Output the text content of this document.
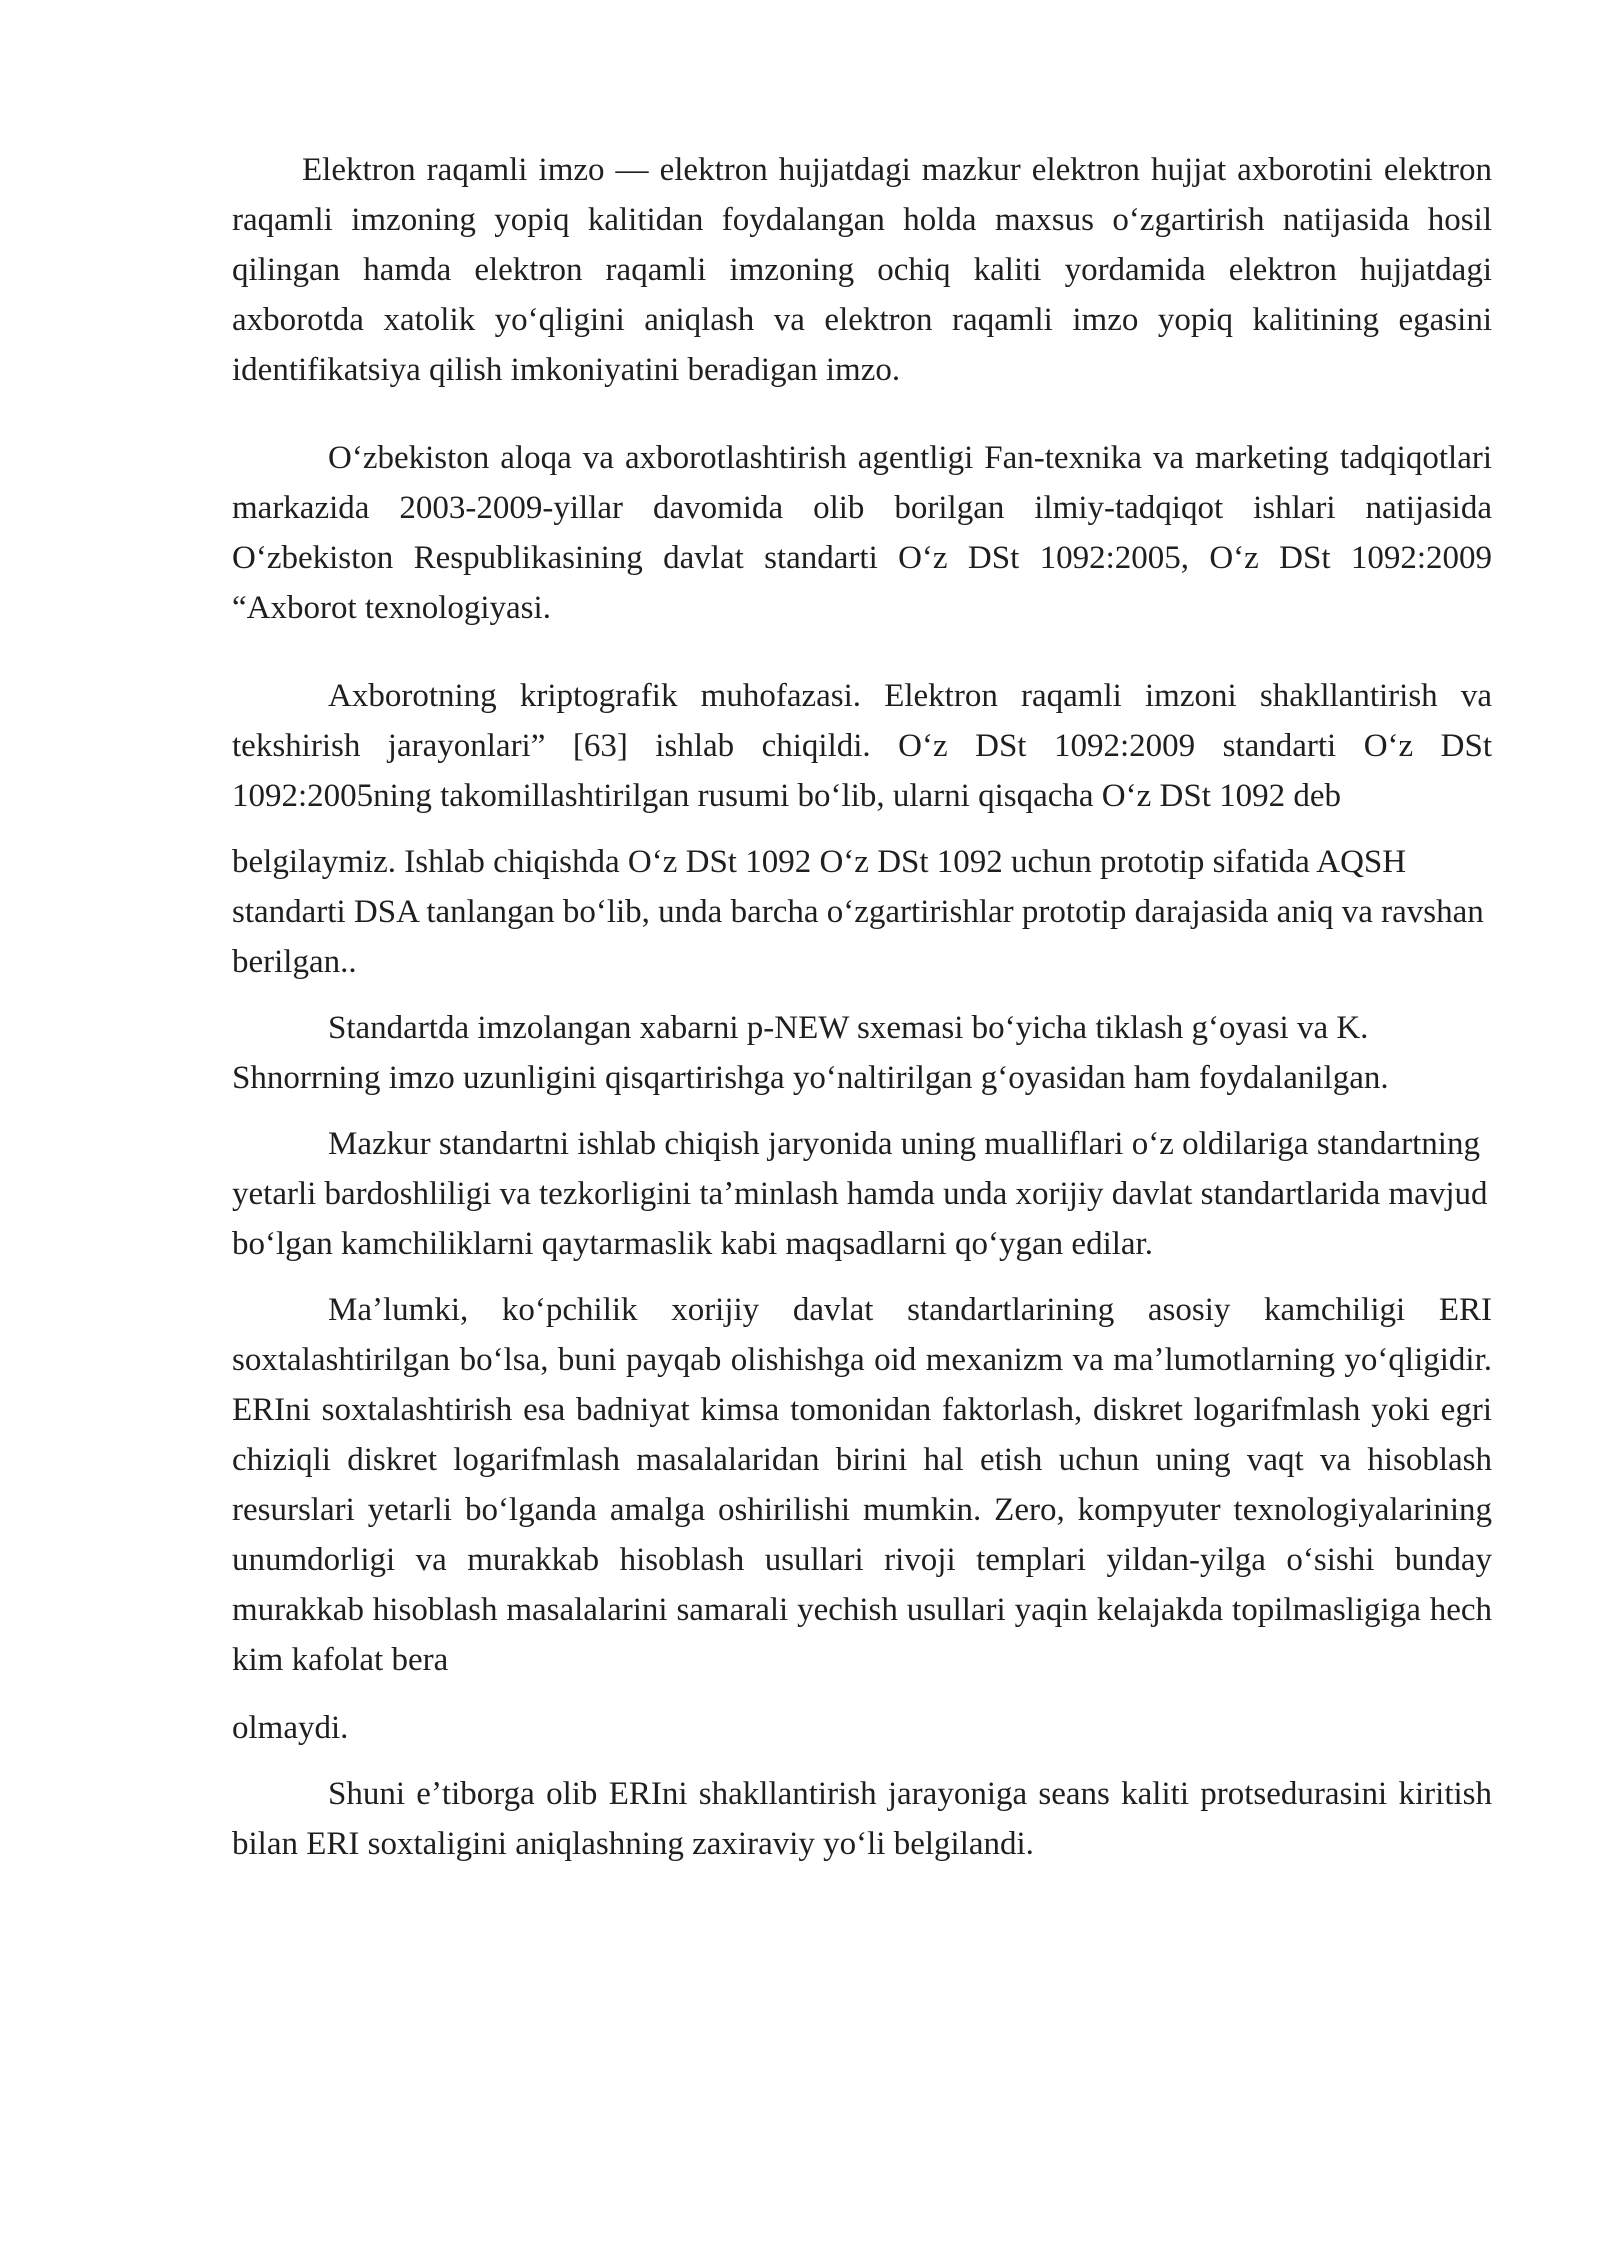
Elektron raqamli imzo — elektron hujjatdagi mazkur elektron hujjat axborotini elektron raqamli imzoning yopiq kalitidan foydalangan holda maxsus oʻzgartirish natijasida hosil qilingan hamda elektron raqamli imzoning ochiq kaliti yordamida elektron hujjatdagi axborotda xatolik yoʻqligini aniqlash va elektron raqamli imzo yopiq kalitining egasini identifikatsiya qilish imkoniyatini beradigan imzo.

Oʻzbekiston aloqa va axborotlashtirish agentligi Fan-texnika va marketing tadqiqotlari markazida 2003-2009-yillar davomida olib borilgan ilmiy-tadqiqot ishlari natijasida Oʻzbekiston Respublikasining davlat standarti Oʻz DSt 1092:2005, Oʻz DSt 1092:2009 “Axborot texnologiyasi.

Axborotning kriptografik muhofazasi. Elektron raqamli imzoni shakllantirish va tekshirish jarayonlari” [63] ishlab chiqildi. Oʻz DSt 1092:2009 standarti Oʻz DSt 1092:2005ning takomillashtirilgan rusumi boʻlib, ularni qisqacha Oʻz DSt 1092 deb

belgilaymiz. Ishlab chiqishda Oʻz DSt 1092 Oʻz DSt 1092 uchun prototip sifatida AQSH standarti DSA tanlangan boʻlib, unda barcha oʻzgartirishlar prototip darajasida aniq va ravshan berilgan..

Standartda imzolangan xabarni p-NEW sxemasi boʻyicha tiklash gʻoyasi va K. Shnorrning imzo uzunligini qisqartirishga yoʻnaltirilgan gʻoyasidan ham foydalanilgan.

Mazkur standartni ishlab chiqish jaryonida uning mualliflari oʻz oldilariga standartning yetarli bardoshliligi va tezkorligini taʼminlash hamda unda xorijiy davlat standartlarida mavjud boʻlgan kamchiliklarni qaytarmaslik kabi maqsadlarni qoʻygan edilar.

Maʼlumki, koʻpchilik xorijiy davlat standartlarining asosiy kamchiligi ERI soxtalashtirilgan boʻlsa, buni payqab olishishga oid mexanizm va maʼlumotlarning yoʻqligidir. ERIni soxtalashtirish esa badniyat kimsa tomonidan faktorlash, diskret logarifmlash yoki egri chiziqli diskret logarifmlash masalalaridan birini hal etish uchun uning vaqt va hisoblash resurslari yetarli boʻlganda amalga oshirilishi mumkin. Zero, kompyuter texnologiyalarining unumdorligi va murakkab hisoblash usullari rivoji templari yildan-yilga oʻsishi bunday murakkab hisoblash masalalarini samarali yechish usullari yaqin kelajakda topilmasligiga hech kim kafolat bera

olmaydi.

Shuni eʼtiborga olib ERIni shakllantirish jarayoniga seans kaliti protsedurasini kiritish bilan ERI soxtaligini aniqlashning zaxiraviy yoʻli belgilandi.
